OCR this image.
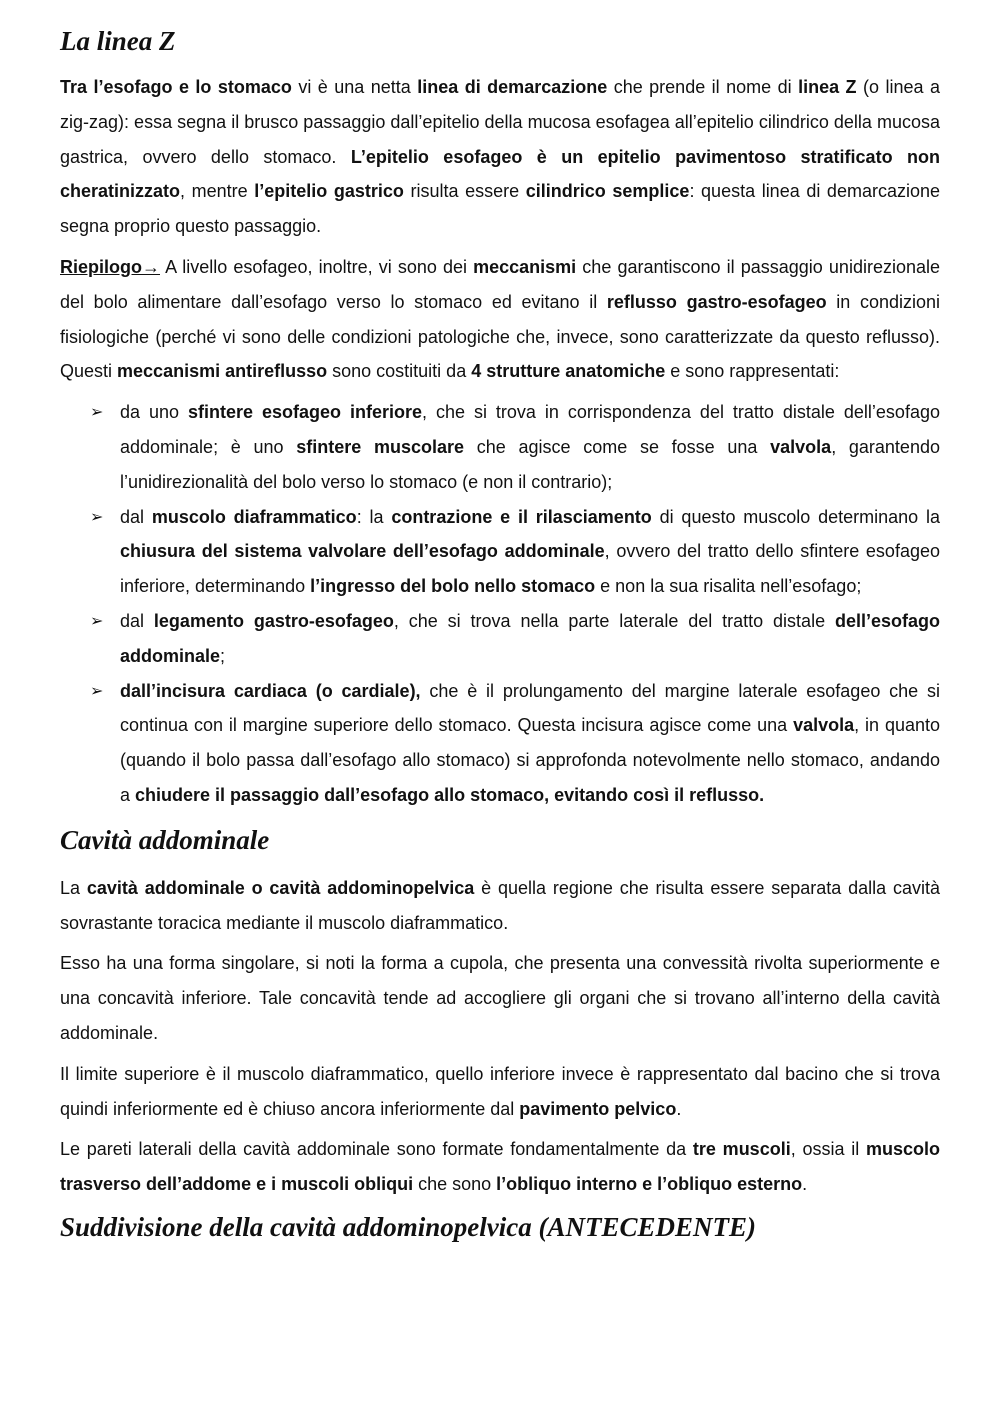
La linea Z

Tra l’esofago e lo stomaco vi è una netta linea di demarcazione che prende il nome di linea Z (o linea a zig-zag): essa segna il brusco passaggio dall’epitelio della mucosa esofagea all’epitelio cilindrico della mucosa gastrica, ovvero dello stomaco. L’epitelio esofageo è un epitelio pavimentoso stratificato non cheratinizzato, mentre l’epitelio gastrico risulta essere cilindrico semplice: questa linea di demarcazione segna proprio questo passaggio.

Riepilogo→ A livello esofageo, inoltre, vi sono dei meccanismi che garantiscono il passaggio unidirezionale del bolo alimentare dall’esofago verso lo stomaco ed evitano il reflusso gastro-esofageo in condizioni fisiologiche (perché vi sono delle condizioni patologiche che, invece, sono caratterizzate da questo reflusso). Questi meccanismi antireflusso sono costituiti da 4 strutture anatomiche e sono rappresentati:

➢ da uno sfintere esofageo inferiore, che si trova in corrispondenza del tratto distale dell’esofago addominale; è uno sfintere muscolare che agisce come se fosse una valvola, garantendo l’unidirezionalità del bolo verso lo stomaco (e non il contrario);
➢ dal muscolo diaframmatico: la contrazione e il rilasciamento di questo muscolo determinano la chiusura del sistema valvolare dell’esofago addominale, ovvero del tratto dello sfintere esofageo inferiore, determinando l’ingresso del bolo nello stomaco e non la sua risalita nell’esofago;
➢ dal legamento gastro-esofageo, che si trova nella parte laterale del tratto distale dell’esofago addominale;
➢ dall’incisura cardiaca (o cardiale), che è il prolungamento del margine laterale esofageo che si continua con il margine superiore dello stomaco. Questa incisura agisce come una valvola, in quanto (quando il bolo passa dall’esofago allo stomaco) si approfonda notevolmente nello stomaco, andando a chiudere il passaggio dall’esofago allo stomaco, evitando così il reflusso.
Cavità addominale

La cavità addominale o cavità addominopelvica è quella regione che risulta essere separata dalla cavità sovrastante toracica mediante il muscolo diaframmatico.

Esso ha una forma singolare, si noti la forma a cupola, che presenta una convessità rivolta superiormente e una concavità inferiore. Tale concavità tende ad accogliere gli organi che si trovano all’interno della cavità addominale.

Il limite superiore è il muscolo diaframmatico, quello inferiore invece è rappresentato dal bacino che si trova quindi inferiormente ed è chiuso ancora inferiormente dal pavimento pelvico.

Le pareti laterali della cavità addominale sono formate fondamentalmente da tre muscoli, ossia il muscolo trasverso dell’addome e i muscoli obliqui che sono l’obliquo interno e l’obliquo esterno.

Suddivisione della cavità addominopelvica (ANTECEDENTE)
